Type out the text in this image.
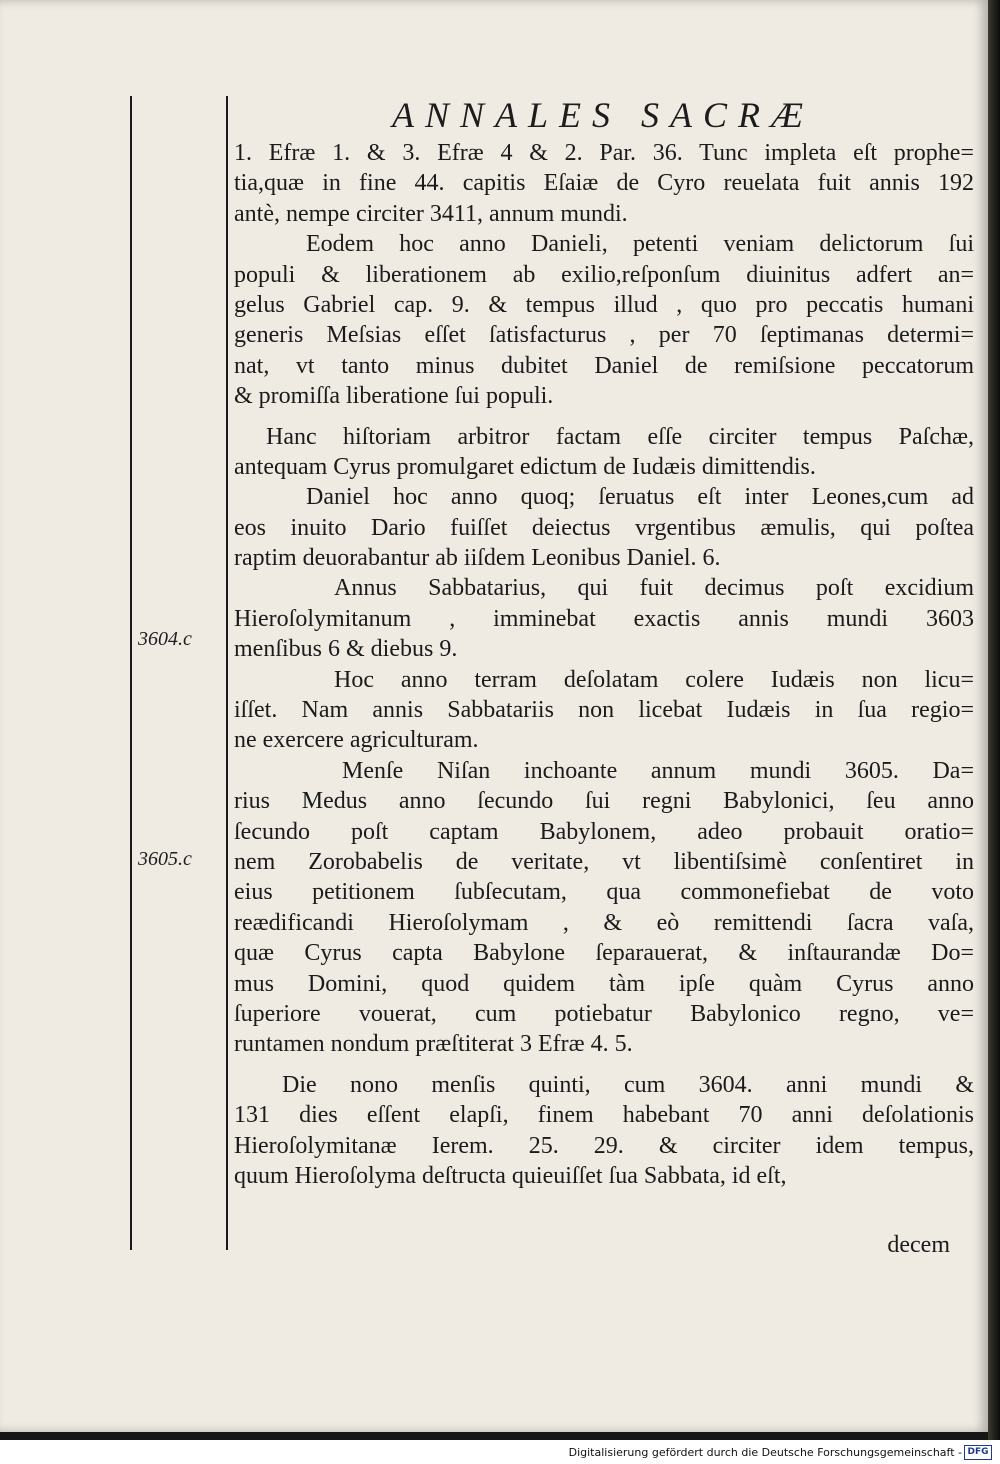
ANNALES SACRÆ
1. Efræ 1. & 3. Efræ 4 & 2. Par. 36. Tunc impleta eſt prophe=
tia,quæ in fine 44. capitis Eſaiæ de Cyro reuelata fuit annis 192
antè, nempe circiter 3411, annum mundi.
Eodem hoc anno Danieli, petenti veniam delictorum ſui
populi & liberationem ab exilio,reſponſum diuinitus adfert an=
gelus Gabriel cap. 9. & tempus illud , quo pro peccatis humani
generis Meſsias eſſet ſatisfacturus , per 70 ſeptimanas determi=
nat, vt tanto minus dubitet Daniel de remiſsione peccatorum
& promiſſa liberatione ſui populi.
Hanc hiſtoriam arbitror factam eſſe circiter tempus Paſchæ,
antequam Cyrus promulgaret edictum de Iudæis dimittendis.
Daniel hoc anno quoq; ſeruatus eſt inter Leones,cum ad
eos inuito Dario fuiſſet deiectus vrgentibus æmulis, qui poſtea
raptim deuorabantur ab iiſdem Leonibus Daniel. 6.
Annus Sabbatarius, qui fuit decimus poſt excidium
Hieroſolymitanum , imminebat exactis annis mundi 3603
menſibus 6 & diebus 9.
Hoc anno terram deſolatam colere Iudæis non licu=
iſſet. Nam annis Sabbatariis non licebat Iudæis in ſua regio=
ne exercere agriculturam.
Menſe Niſan inchoante annum mundi 3605. Da=
rius Medus anno ſecundo ſui regni Babylonici, ſeu anno
ſecundo poſt captam Babylonem, adeo probauit oratio=
nem Zorobabelis de veritate, vt libentiſsimè conſentiret in
eius petitionem ſubſecutam, qua commonefiebat de voto
reædificandi Hieroſolymam , & eò remittendi ſacra vaſa,
quæ Cyrus capta Babylone ſeparauerat, & inſtaurandæ Do=
mus Domini, quod quidem tàm ipſe quàm Cyrus anno
ſuperiore vouerat, cum potiebatur Babylonico regno, ve=
runtamen nondum præſtiterat 3 Efræ 4. 5.
Die nono menſis quinti, cum 3604. anni mundi &
131 dies eſſent elapſi, finem habebant 70 anni deſolationis
Hieroſolymitanæ Ierem. 25. 29. & circiter idem tempus,
quum Hieroſolyma deſtructa quieuiſſet ſua Sabbata, id eſt,
decem
3604.c
3605.c
Digitalisierung gefördert durch die Deutsche Forschungsgemeinschaft - DFG
